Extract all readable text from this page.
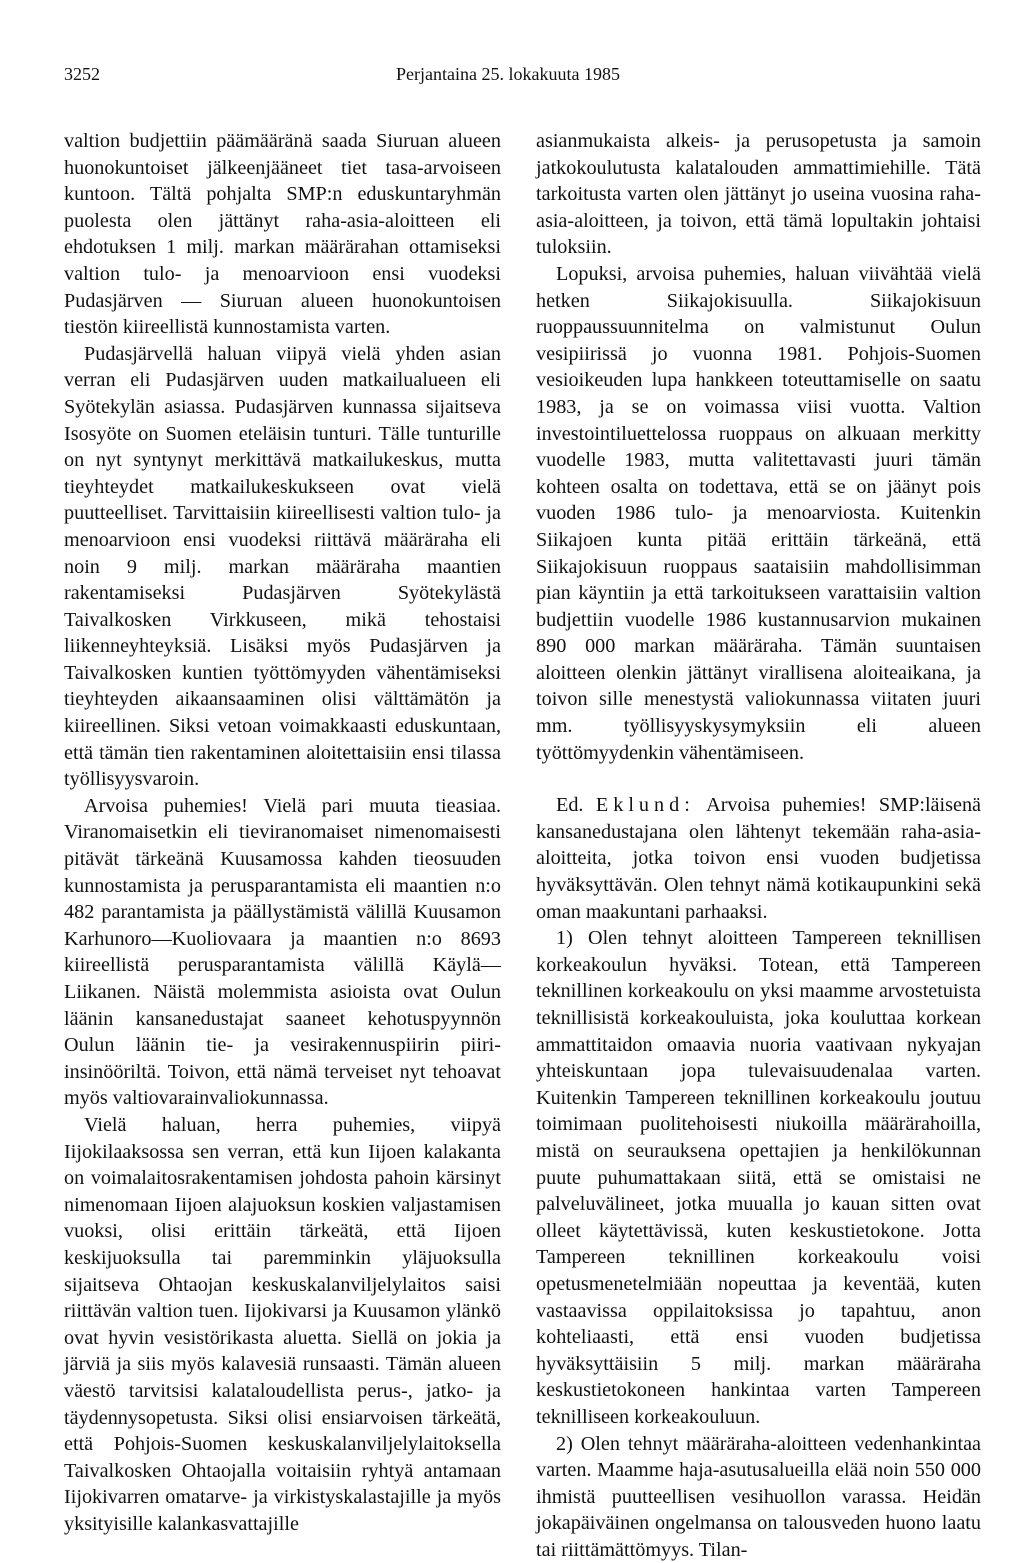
3252	Perjantaina 25. lokakuuta 1985

valtion budjettiin päämääränä saada Siuruan alueen huonokuntoiset jälkeenjääneet tiet tasa-arvoiseen kuntoon. Tältä pohjalta SMP:n eduskuntaryhmän puolesta olen jättänyt raha-asia-aloitteen eli ehdotuksen 1 milj. markan määrärahan ottamiseksi valtion tulo- ja menoarvioon ensi vuodeksi Pudasjärven — Siuruan alueen huonokuntoisen tiestön kiireellistä kunnostamista varten.

Pudasjärvellä haluan viipyä vielä yhden asian verran eli Pudasjärven uuden matkailualueen eli Syötekylän asiassa. Pudasjärven kunnassa sijaitseva Isosyöte on Suomen eteläisin tunturi. Tälle tunturille on nyt syntynyt merkittävä matkailukeskus, mutta tieyhteydet matkailukeskukseen ovat vielä puutteelliset. Tarvittaisiin kiireellisesti valtion tulo- ja menoarvioon ensi vuodeksi riittävä määräraha eli noin 9 milj. markan määräraha maantien rakentamiseksi Pudasjärven Syötekylästä Taivalkosken Virkkuseen, mikä tehostaisi liikenneyhteyksiä. Lisäksi myös Pudasjärven ja Taivalkosken kuntien työttömyyden vähentämiseksi tieyhteyden aikaansaaminen olisi välttämätön ja kiireellinen. Siksi vetoan voimakkaasti eduskuntaan, että tämän tien rakentaminen aloitettaisiin ensi tilassa työllisyysvaroin.

Arvoisa puhemies! Vielä pari muuta tieasiaa. Viranomaisetkin eli tieviranomaiset nimenomaisesti pitävät tärkeänä Kuusamossa kahden tieosuuden kunnostamista ja perusparantamista eli maantien n:o 482 parantamista ja päällystämistä välillä Kuusamon Karhunoro—Kuoliovaara ja maantien n:o 8693 kiireellistä perusparantamista välillä Käylä—Liikanen. Näistä molemmista asioista ovat Oulun läänin kansanedustajat saaneet kehotuspyynnön Oulun läänin tie- ja vesirakennuspiirin piiri-insinööriltä. Toivon, että nämä terveiset nyt tehoavat myös valtiovarainvaliokunnassa.

Vielä haluan, herra puhemies, viipyä Iijokilaaksossa sen verran, että kun Iijoen kalakanta on voimalaitosrakentamisen johdosta pahoin kärsinyt nimenomaan Iijoen alajuoksun koskien valjastamisen vuoksi, olisi erittäin tärkeätä, että Iijoen keskijuoksulla tai paremminkin yläjuoksulla sijaitseva Ohtaojan keskuskalanviljelylaitos saisi riittävän valtion tuen. Iijokivarsi ja Kuusamon ylänkö ovat hyvin vesistörikasta aluetta. Siellä on jokia ja järviä ja siis myös kalavesiä runsaasti. Tämän alueen väestö tarvitsisi kalataloudellista perus-, jatko- ja täydennysopetusta. Siksi olisi ensiarvoisen tärkeätä, että Pohjois-Suomen keskuskalanviljelylaitoksella Taivalkosken Ohtaojalla voitaisiin ryhtyä antamaan Iijokivarren omatarve- ja virkistyskalastajille ja myös yksityisille kalankasvattajille

asianmukaista alkeis- ja perusopetusta ja samoin jatkokoulutusta kalatalouden ammattimiehille. Tätä tarkoitusta varten olen jättänyt jo useina vuosina raha-asia-aloitteen, ja toivon, että tämä lopultakin johtaisi tuloksiin.

Lopuksi, arvoisa puhemies, haluan viivähtää vielä hetken Siikajokisuulla. Siikajokisuun ruoppaussuunnitelma on valmistunut Oulun vesipiirissä jo vuonna 1981. Pohjois-Suomen vesioikeuden lupa hankkeen toteuttamiselle on saatu 1983, ja se on voimassa viisi vuotta. Valtion investointiluettelossa ruoppaus on alkuaan merkitty vuodelle 1983, mutta valitettavasti juuri tämän kohteen osalta on todettava, että se on jäänyt pois vuoden 1986 tulo- ja menoarviosta. Kuitenkin Siikajoen kunta pitää erittäin tärkeänä, että Siikajokisuun ruoppaus saataisiin mahdollisimman pian käyntiin ja että tarkoitukseen varattaisiin valtion budjettiin vuodelle 1986 kustannusarvion mukainen 890 000 markan määräraha. Tämän suuntaisen aloitteen olenkin jättänyt virallisena aloiteaikana, ja toivon sille menestystä valiokunnassa viitaten juuri mm. työllisyyskysymyksiin eli alueen työttömyydenkin vähentämiseen.

Ed. Eklund: Arvoisa puhemies! SMP:läisenä kansanedustajana olen lähtenyt tekemään raha-asia-aloitteita, jotka toivon ensi vuoden budjetissa hyväksyttävän. Olen tehnyt nämä kotikaupunkini sekä oman maakuntani parhaaksi.

1) Olen tehnyt aloitteen Tampereen teknillisen korkeakoulun hyväksi. Totean, että Tampereen teknillinen korkeakoulu on yksi maamme arvostetuista teknillisistä korkeakouluista, joka kouluttaa korkean ammattitaidon omaavia nuoria vaativaan nykyajan yhteiskuntaan jopa tulevaisuudenalaa varten. Kuitenkin Tampereen teknillinen korkeakoulu joutuu toimimaan puolitehoisesti niukoilla määrärahoilla, mistä on seurauksena opettajien ja henkilökunnan puute puhumattakaan siitä, että se omistaisi ne palveluvälineet, jotka muualla jo kauan sitten ovat olleet käytettävissä, kuten keskustietokone. Jotta Tampereen teknillinen korkeakoulu voisi opetusmenetelmiään nopeuttaa ja keventää, kuten vastaavissa oppilaitoksissa jo tapahtuu, anon kohteliaasti, että ensi vuoden budjetissa hyväksyttäisiin 5 milj. markan määräraha keskustietokoneen hankintaa varten Tampereen teknilliseen korkeakouluun.

2) Olen tehnyt määräraha-aloitteen vedenhankintaa varten. Maamme haja-asutusalueilla elää noin 550 000 ihmistä puutteellisen vesihuollon varassa. Heidän jokapäiväinen ongelmansa on talousveden huono laatu tai riittämättömyys. Tilan-
